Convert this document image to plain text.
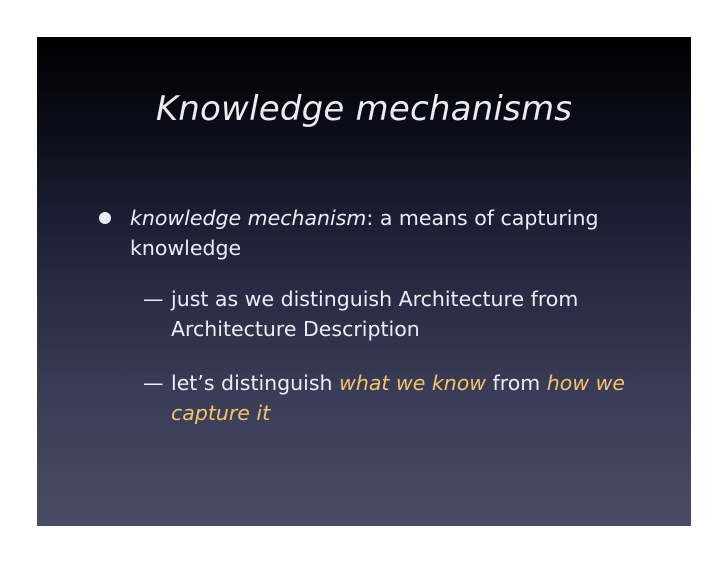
Knowledge mechanisms
knowledge mechanism: a means of capturing knowledge
— just as we distinguish Architecture from Architecture Description
— let’s distinguish what we know from how we capture it
